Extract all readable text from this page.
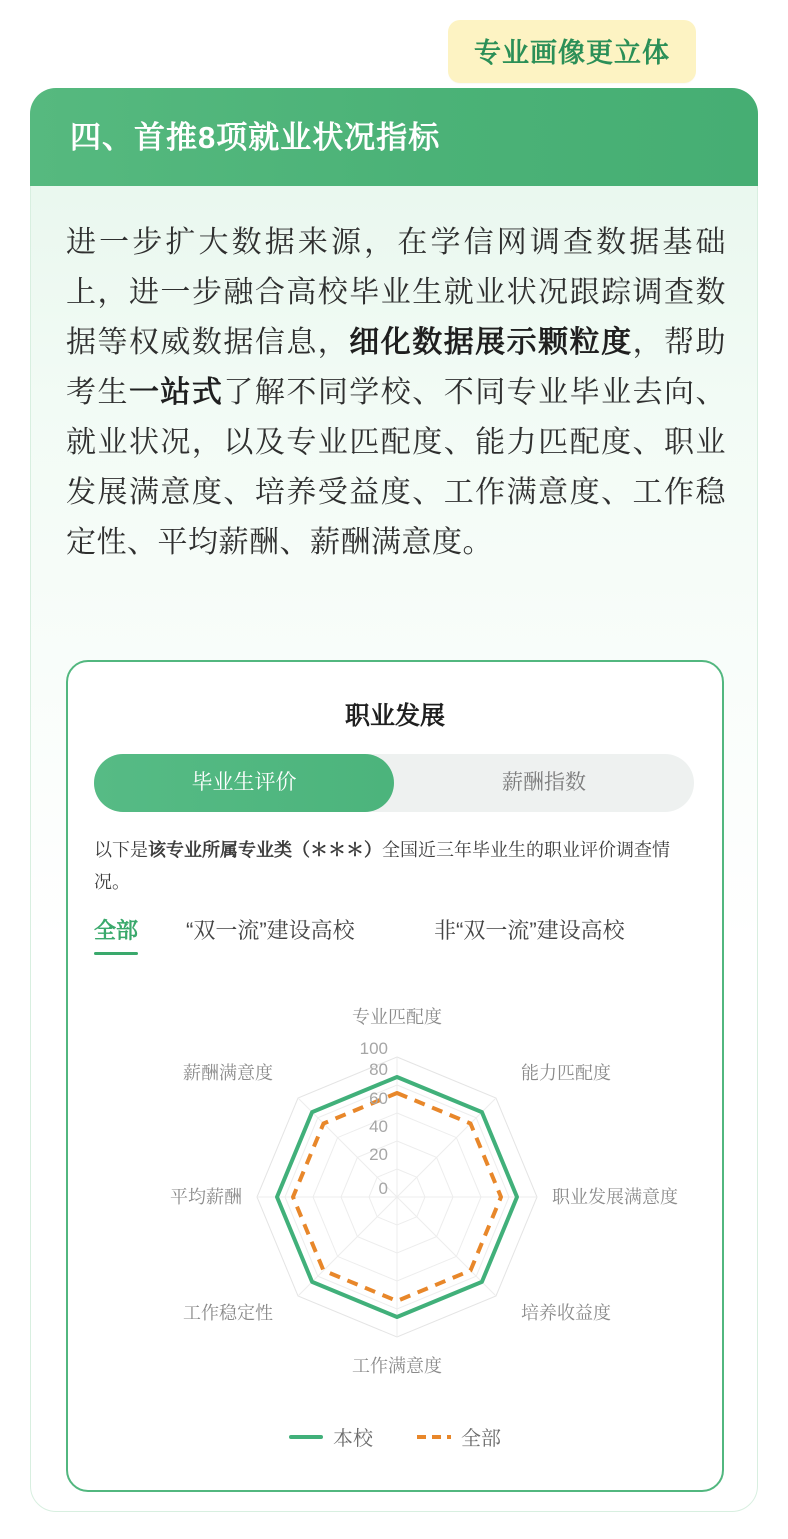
专业画像更立体
四、首推8项就业状况指标
进一步扩大数据来源，在学信网调查数据基础上，进一步融合高校毕业生就业状况跟踪调查数据等权威数据信息，细化数据展示颗粒度，帮助考生一站式了解不同学校、不同专业毕业去向、就业状况，以及专业匹配度、能力匹配度、职业发展满意度、培养受益度、工作满意度、工作稳定性、平均薪酬、薪酬满意度。
职业发展
毕业生评价	薪酬指数
以下是该专业所属专业类（＊＊＊）全国近三年毕业生的职业评价调查情况。
全部 “双一流”建设高校	非“双一流”建设高校
100
80
60
40
20
0
专业匹配度
能力匹配度
职业发展满意度
培养收益度
工作满意度
工作稳定性
平均薪酬
薪酬满意度
本校	全部
